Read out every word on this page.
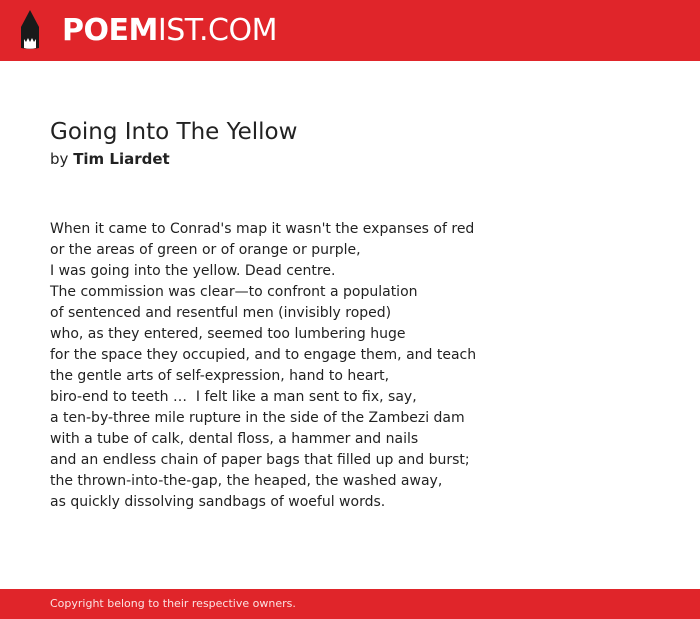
POEMIST.COM
Going Into The Yellow
by Tim Liardet
When it came to Conrad's map it wasn't the expanses of red
or the areas of green or of orange or purple,
I was going into the yellow. Dead centre.
The commission was clear—to confront a population
of sentenced and resentful men (invisibly roped)
who, as they entered, seemed too lumbering huge
for the space they occupied, and to engage them, and teach
the gentle arts of self-expression, hand to heart,
biro-end to teeth …  I felt like a man sent to fix, say,
a ten-by-three mile rupture in the side of the Zambezi dam
with a tube of calk, dental floss, a hammer and nails
and an endless chain of paper bags that filled up and burst;
the thrown-into-the-gap, the heaped, the washed away,
as quickly dissolving sandbags of woeful words.
Copyright belong to their respective owners.
